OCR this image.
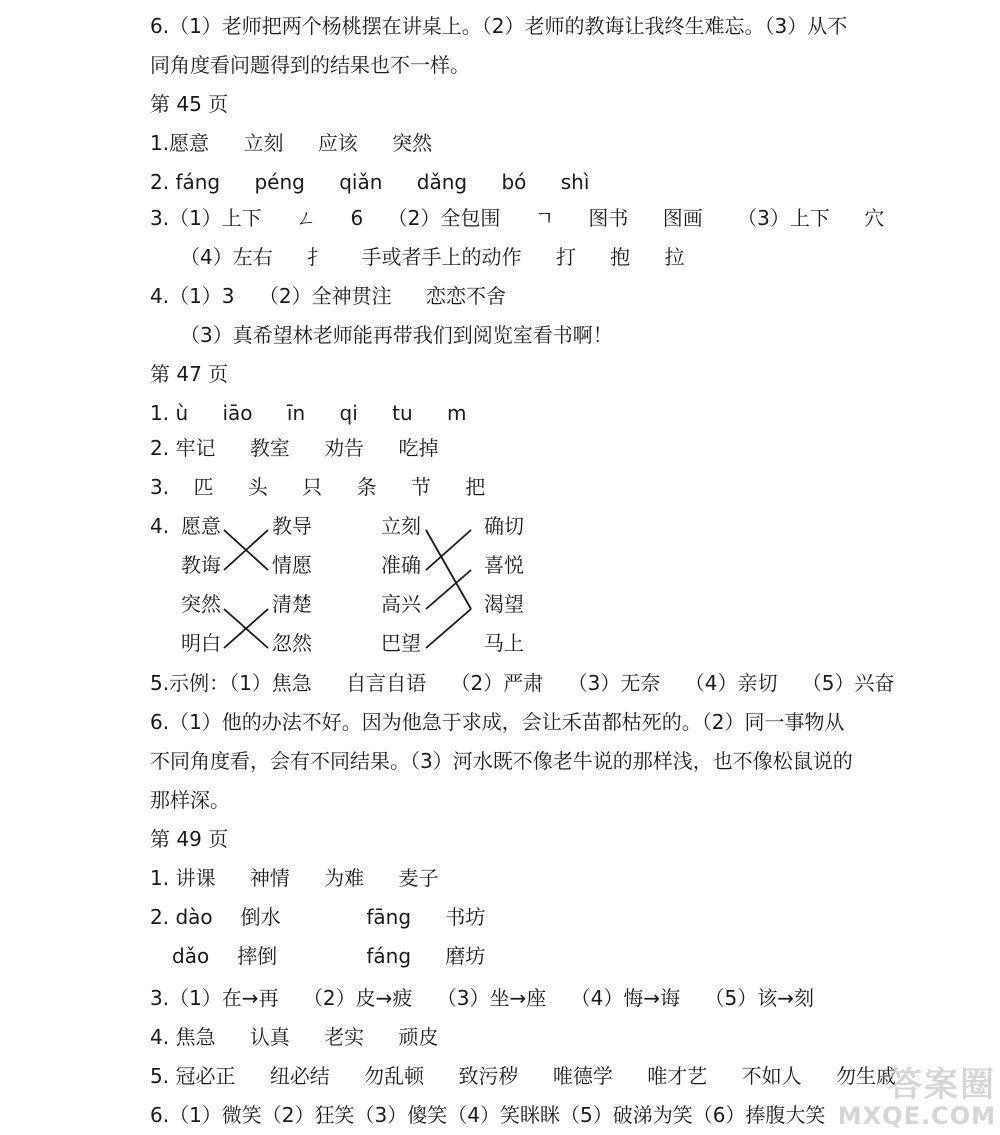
6.（1）老师把两个杨桃摆在讲桌上。（2）老师的教诲让我终生难忘。（3）从不
同角度看问题得到的结果也不一样。
第 45 页
1.愿意 立刻 应该 突然
2. fáng péng qiǎn dǎng bó shì
3.（1）上下 ㄥ 6 （2）全包围 ㄱ 图书 图画 （3）上下 穴
（4）左右 扌 手或者手上的动作 打 抱 拉
4.（1）3 （2）全神贯注 恋恋不舍
（3）真希望林老师能再带我们到阅览室看书啊！
第 47 页
1. ù iāo īn qi tu m
2. 牢记 教室 劝告 吃掉
3. 匹 头 只 条 节 把
4. 愿意
教诲
突然
明白
教导
情愿
清楚
忽然
立刻
准确
高兴
巴望
确切
喜悦
渴望
马上
5.示例：（1）焦急 自言自语 （2）严肃 （3）无奈 （4）亲切 （5）兴奋
6.（1）他的办法不好。因为他急于求成，会让禾苗都枯死的。（2）同一事物从
不同角度看，会有不同结果。（3）河水既不像老牛说的那样浅，也不像松鼠说的
那样深。
第 49 页
1. 讲课 神情 为难 麦子
2. dào 倒水	fāng 书坊
dǎo 摔倒	fáng 磨坊
3.（1）在→再 （2）皮→疲 （3）坐→座 （4）悔→诲 （5）该→刻
4. 焦急 认真 老实 顽皮
5. 冠必正 纽必结 勿乱顿 致污秽 唯德学 唯才艺 不如人 勿生戚
6.（1）微笑（2）狂笑（3）傻笑（4）笑眯眯（5）破涕为笑（6）捧腹大笑
答案圈
MXQE.COM
